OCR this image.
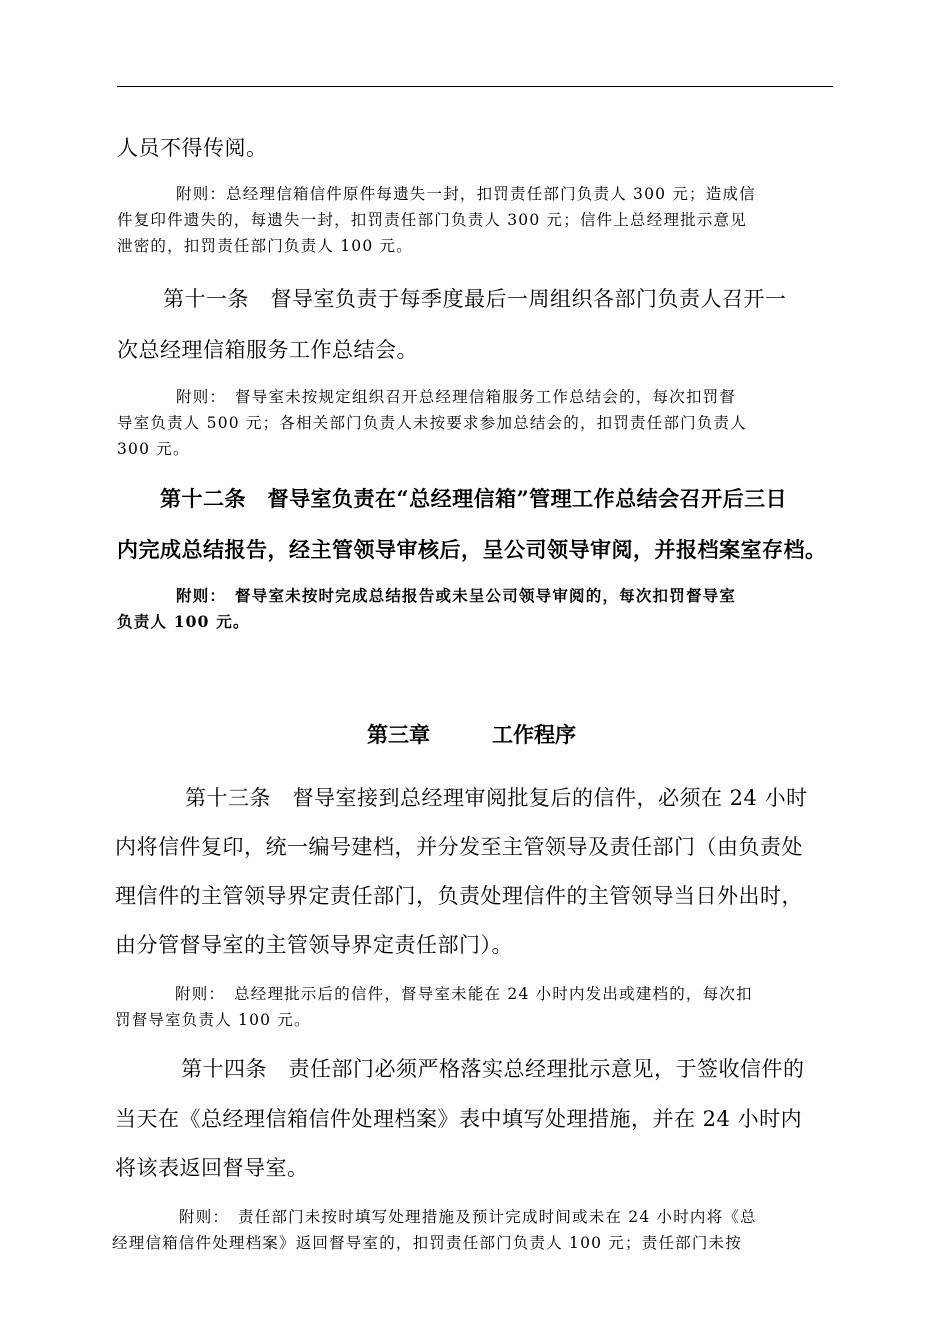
人员不得传阅。

附则：总经理信箱信件原件每遗失一封，扣罚责任部门负责人 300 元；造成信

件复印件遗失的，每遗失一封，扣罚责任部门负责人 300 元；信件上总经理批示意见

泄密的，扣罚责任部门负责人 100 元。

第十一条　督导室负责于每季度最后一周组织各部门负责人召开一

次总经理信箱服务工作总结会。

附则：　督导室未按规定组织召开总经理信箱服务工作总结会的，每次扣罚督

导室负责人 500 元；各相关部门负责人未按要求参加总结会的，扣罚责任部门负责人

300 元。

第十二条　督导室负责在“总经理信箱”管理工作总结会召开后三日

内完成总结报告，经主管领导审核后，呈公司领导审阅，并报档案室存档。

附则：　督导室未按时完成总结报告或未呈公司领导审阅的，每次扣罚督导室

负责人 100 元。

第三章	工作程序

第十三条　督导室接到总经理审阅批复后的信件，必须在 24 小时

内将信件复印，统一编号建档，并分发至主管领导及责任部门（由负责处

理信件的主管领导界定责任部门，负责处理信件的主管领导当日外出时，

由分管督导室的主管领导界定责任部门）。

附则：　总经理批示后的信件，督导室未能在 24 小时内发出或建档的，每次扣

罚督导室负责人 100 元。

第十四条　责任部门必须严格落实总经理批示意见，于签收信件的

当天在《总经理信箱信件处理档案》表中填写处理措施，并在 24 小时内

将该表返回督导室。

附则：　责任部门未按时填写处理措施及预计完成时间或未在 24 小时内将《总

经理信箱信件处理档案》返回督导室的，扣罚责任部门负责人 100 元；责任部门未按
